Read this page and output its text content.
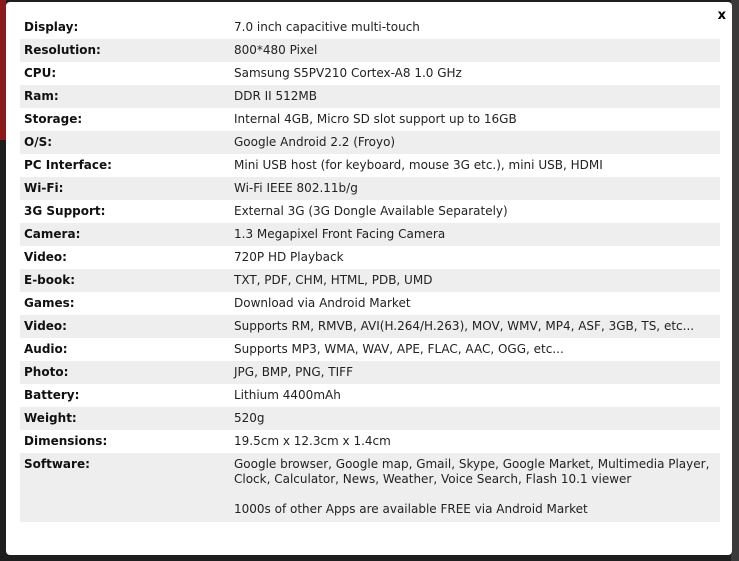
x
Display:	7.0 inch capacitive multi-touch
Resolution:	800*480 Pixel
CPU:	Samsung S5PV210 Cortex-A8 1.0 GHz
Ram:	DDR II 512MB
Storage:	Internal 4GB, Micro SD slot support up to 16GB
O/S:	Google Android 2.2 (Froyo)
PC Interface:	Mini USB host (for keyboard, mouse 3G etc.), mini USB, HDMI
Wi-Fi:	Wi-Fi IEEE 802.11b/g
3G Support:	External 3G (3G Dongle Available Separately)
Camera:	1.3 Megapixel Front Facing Camera
Video:	720P HD Playback
E-book:	TXT, PDF, CHM, HTML, PDB, UMD
Games:	Download via Android Market
Video:	Supports RM, RMVB, AVI(H.264/H.263), MOV, WMV, MP4, ASF, 3GB, TS, etc...
Audio:	Supports MP3, WMA, WAV, APE, FLAC, AAC, OGG, etc...
Photo:	JPG, BMP, PNG, TIFF
Battery:	Lithium 4400mAh
Weight:	520g
Dimensions:	19.5cm x 12.3cm x 1.4cm
Software:	Google browser, Google map, Gmail, Skype, Google Market, Multimedia Player,
Clock, Calculator, News, Weather, Voice Search, Flash 10.1 viewer
1000s of other Apps are available FREE via Android Market
